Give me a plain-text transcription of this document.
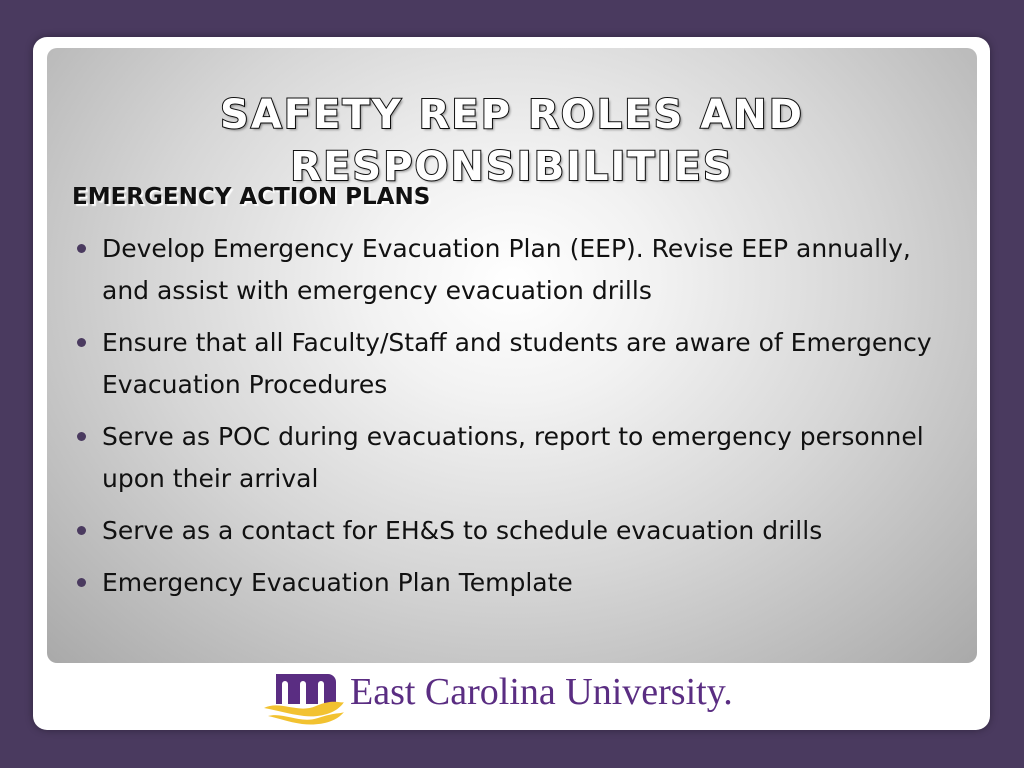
SAFETY REP ROLES AND RESPONSIBILITIES
EMERGENCY ACTION PLANS
Develop Emergency Evacuation Plan (EEP). Revise EEP annually, and assist with emergency evacuation drills
Ensure that all Faculty/Staff and students are aware of Emergency Evacuation Procedures
Serve as POC during evacuations, report to emergency personnel upon their arrival
Serve as a contact for EH&S to schedule evacuation drills
Emergency Evacuation Plan Template
East Carolina University.
